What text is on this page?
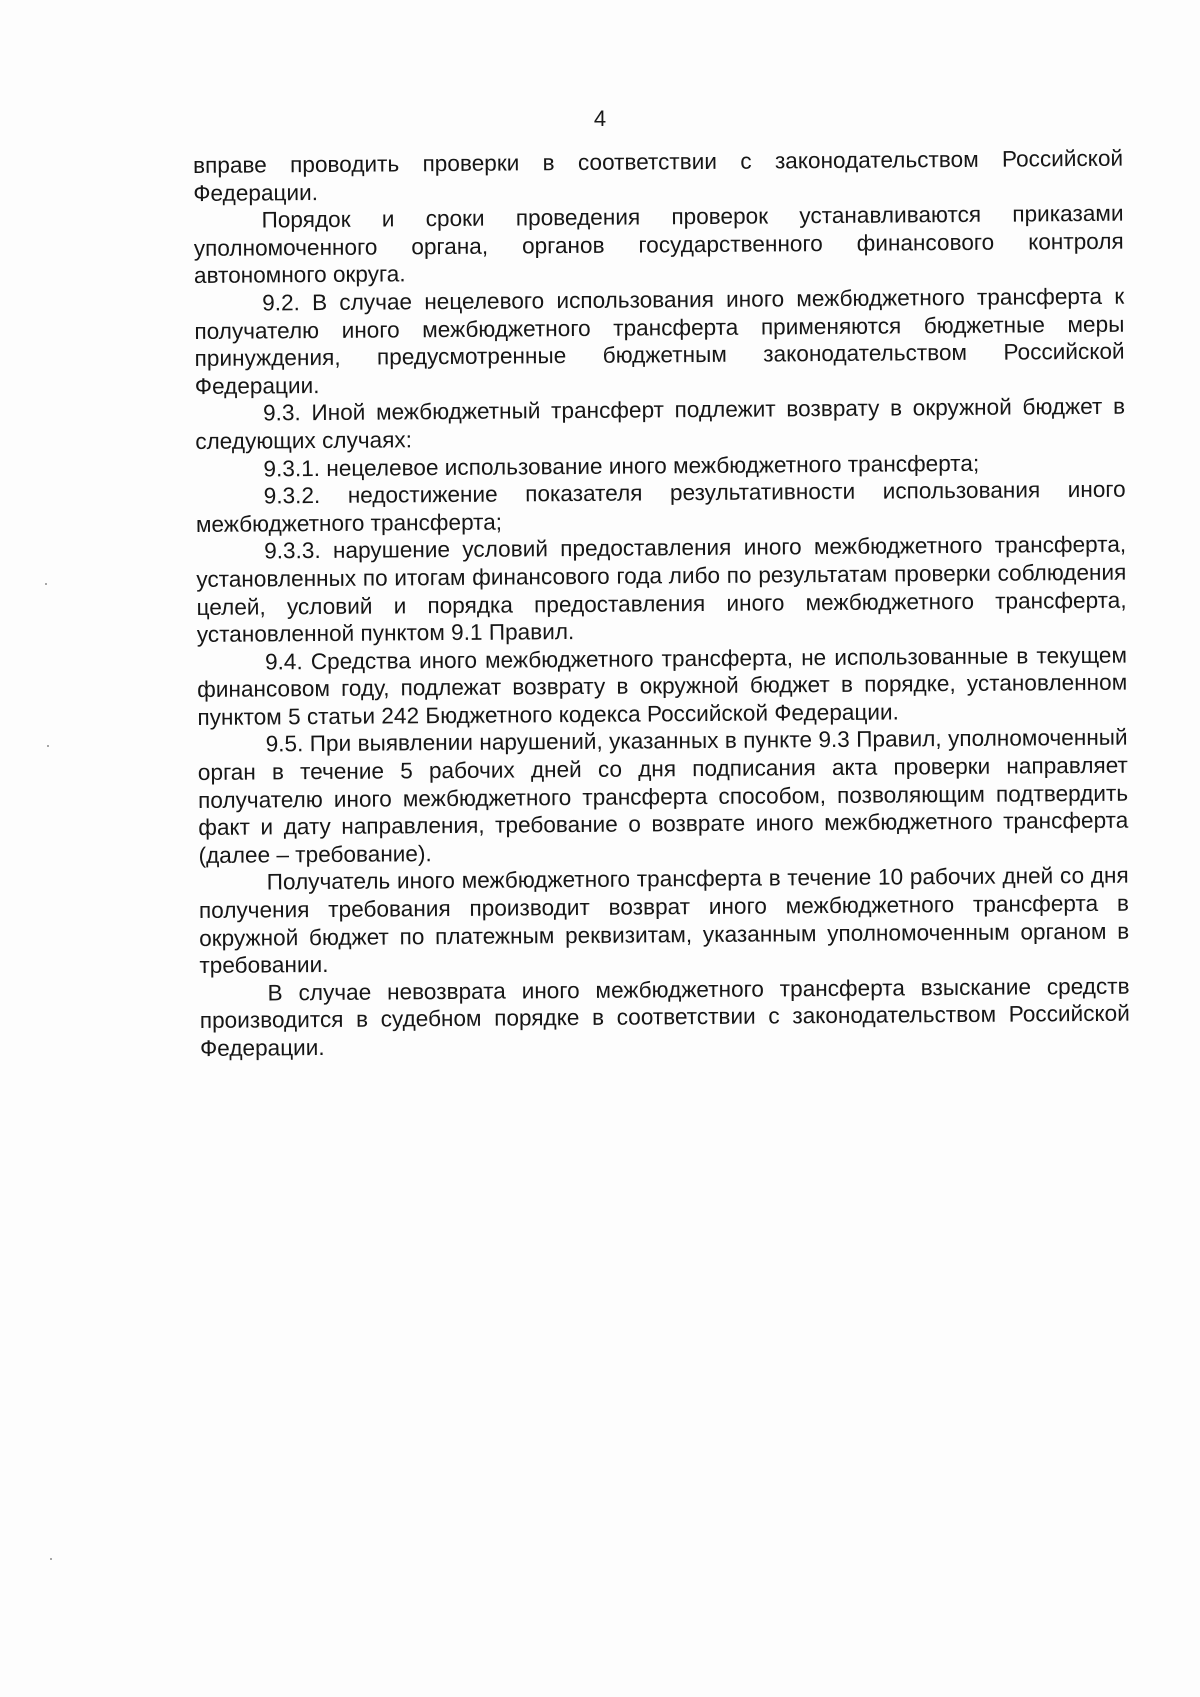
4

вправе проводить проверки в соответствии с законодательством Российской Федерации.

Порядок и сроки проведения проверок устанавливаются приказами уполномоченного органа, органов государственного финансового контроля автономного округа.

9.2. В случае нецелевого использования иного межбюджетного трансферта к получателю иного межбюджетного трансферта применяются бюджетные меры принуждения, предусмотренные бюджетным законодательством Российской Федерации.

9.3. Иной межбюджетный трансферт подлежит возврату в окружной бюджет в следующих случаях:

9.3.1. нецелевое использование иного межбюджетного трансферта;

9.3.2. недостижение показателя результативности использования иного межбюджетного трансферта;

9.3.3. нарушение условий предоставления иного межбюджетного трансферта, установленных по итогам финансового года либо по результатам проверки соблюдения целей, условий и порядка предоставления иного межбюджетного трансферта, установленной пунктом 9.1 Правил.

9.4. Средства иного межбюджетного трансферта, не использованные в текущем финансовом году, подлежат возврату в окружной бюджет в порядке, установленном пунктом 5 статьи 242 Бюджетного кодекса Российской Федерации.

9.5. При выявлении нарушений, указанных в пункте 9.3 Правил, уполномоченный орган в течение 5 рабочих дней со дня подписания акта проверки направляет получателю иного межбюджетного трансферта способом, позволяющим подтвердить факт и дату направления, требование о возврате иного межбюджетного трансферта (далее – требование).

Получатель иного межбюджетного трансферта в течение 10 рабочих дней со дня получения требования производит возврат иного межбюджетного трансферта в окружной бюджет по платежным реквизитам, указанным уполномоченным органом в требовании.

В случае невозврата иного межбюджетного трансферта взыскание средств производится в судебном порядке в соответствии с законодательством Российской Федерации.
